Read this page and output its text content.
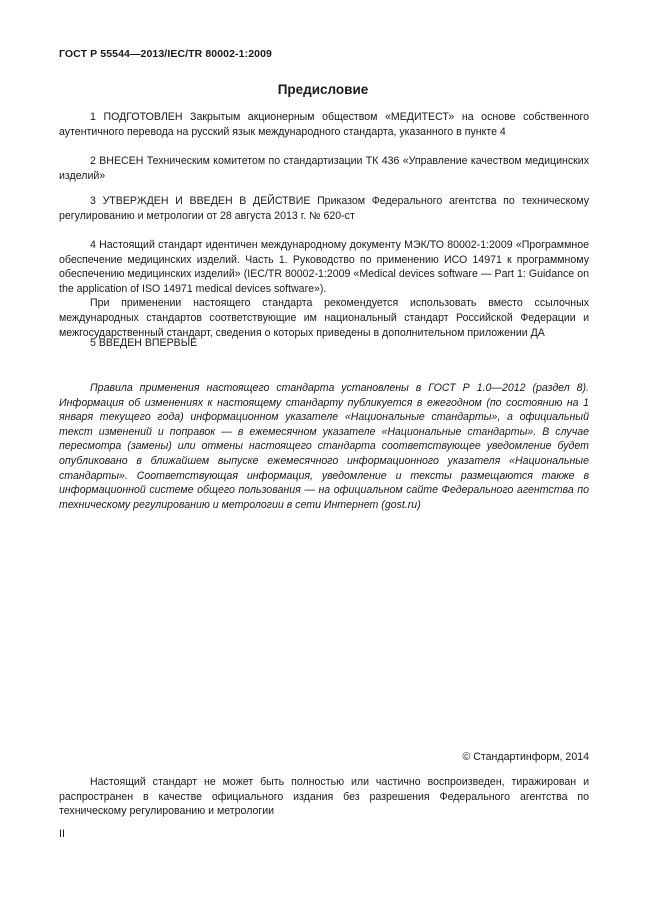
ГОСТ Р 55544—2013/IEC/TR 80002-1:2009
Предисловие

1 ПОДГОТОВЛЕН Закрытым акционерным обществом «МЕДИТЕСТ» на основе собственного аутентичного перевода на русский язык международного стандарта, указанного в пункте 4

2 ВНЕСЕН Техническим комитетом по стандартизации ТК 436 «Управление качеством медицинских изделий»

3 УТВЕРЖДЕН И ВВЕДЕН В ДЕЙСТВИЕ Приказом Федерального агентства по техническому регулированию и метрологии от 28 августа 2013 г. № 620-ст

4 Настоящий стандарт идентичен международному документу МЭК/ТО 80002-1:2009 «Программное обеспечение медицинских изделий. Часть 1. Руководство по применению ИСО 14971 к программному обеспечению медицинских изделий» (IEC/TR 80002-1:2009 «Medical devices software — Part 1: Guidance on the application of ISO 14971 medical devices software»).

При применении настоящего стандарта рекомендуется использовать вместо ссылочных международных стандартов соответствующие им национальный стандарт Российской Федерации и межгосударственный стандарт, сведения о которых приведены в дополнительном приложении ДА

5 ВВЕДЕН ВПЕРВЫЕ

Правила применения настоящего стандарта установлены в ГОСТ Р 1.0—2012 (раздел 8). Информация об изменениях к настоящему стандарту публикуется в ежегодном (по состоянию на 1 января текущего года) информационном указателе «Национальные стандарты», а официальный текст изменений и поправок — в ежемесячном указателе «Национальные стандарты». В случае пересмотра (замены) или отмены настоящего стандарта соответствующее уведомление будет опубликовано в ближайшем выпуске ежемесячного информационного указателя «Национальные стандарты». Соответствующая информация, уведомление и тексты размещаются также в информационной системе общего пользования — на официальном сайте Федерального агентства по техническому регулированию и метрологии в сети Интернет (gost.ru)

© Стандартинформ, 2014

Настоящий стандарт не может быть полностью или частично воспроизведен, тиражирован и распространен в качестве официального издания без разрешения Федерального агентства по техническому регулированию и метрологии

II
